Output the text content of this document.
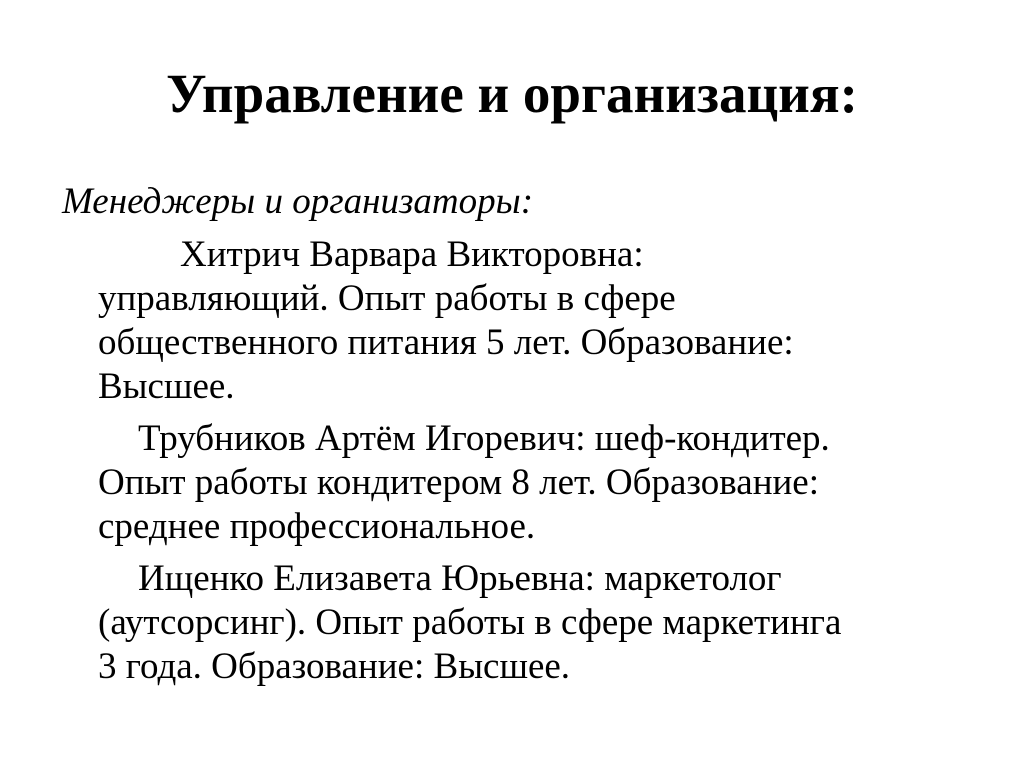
Управление и организация:

Менеджеры и организаторы:

Хитрич Варвара Викторовна:
управляющий. Опыт работы в сфере
общественного питания 5 лет. Образование:
Высшее.

Трубников Артём Игоревич: шеф-кондитер.
Опыт работы кондитером 8 лет. Образование:
среднее профессиональное.

Ищенко Елизавета Юрьевна: маркетолог
(аутсорсинг). Опыт работы в сфере маркетинга
3 года. Образование: Высшее.
